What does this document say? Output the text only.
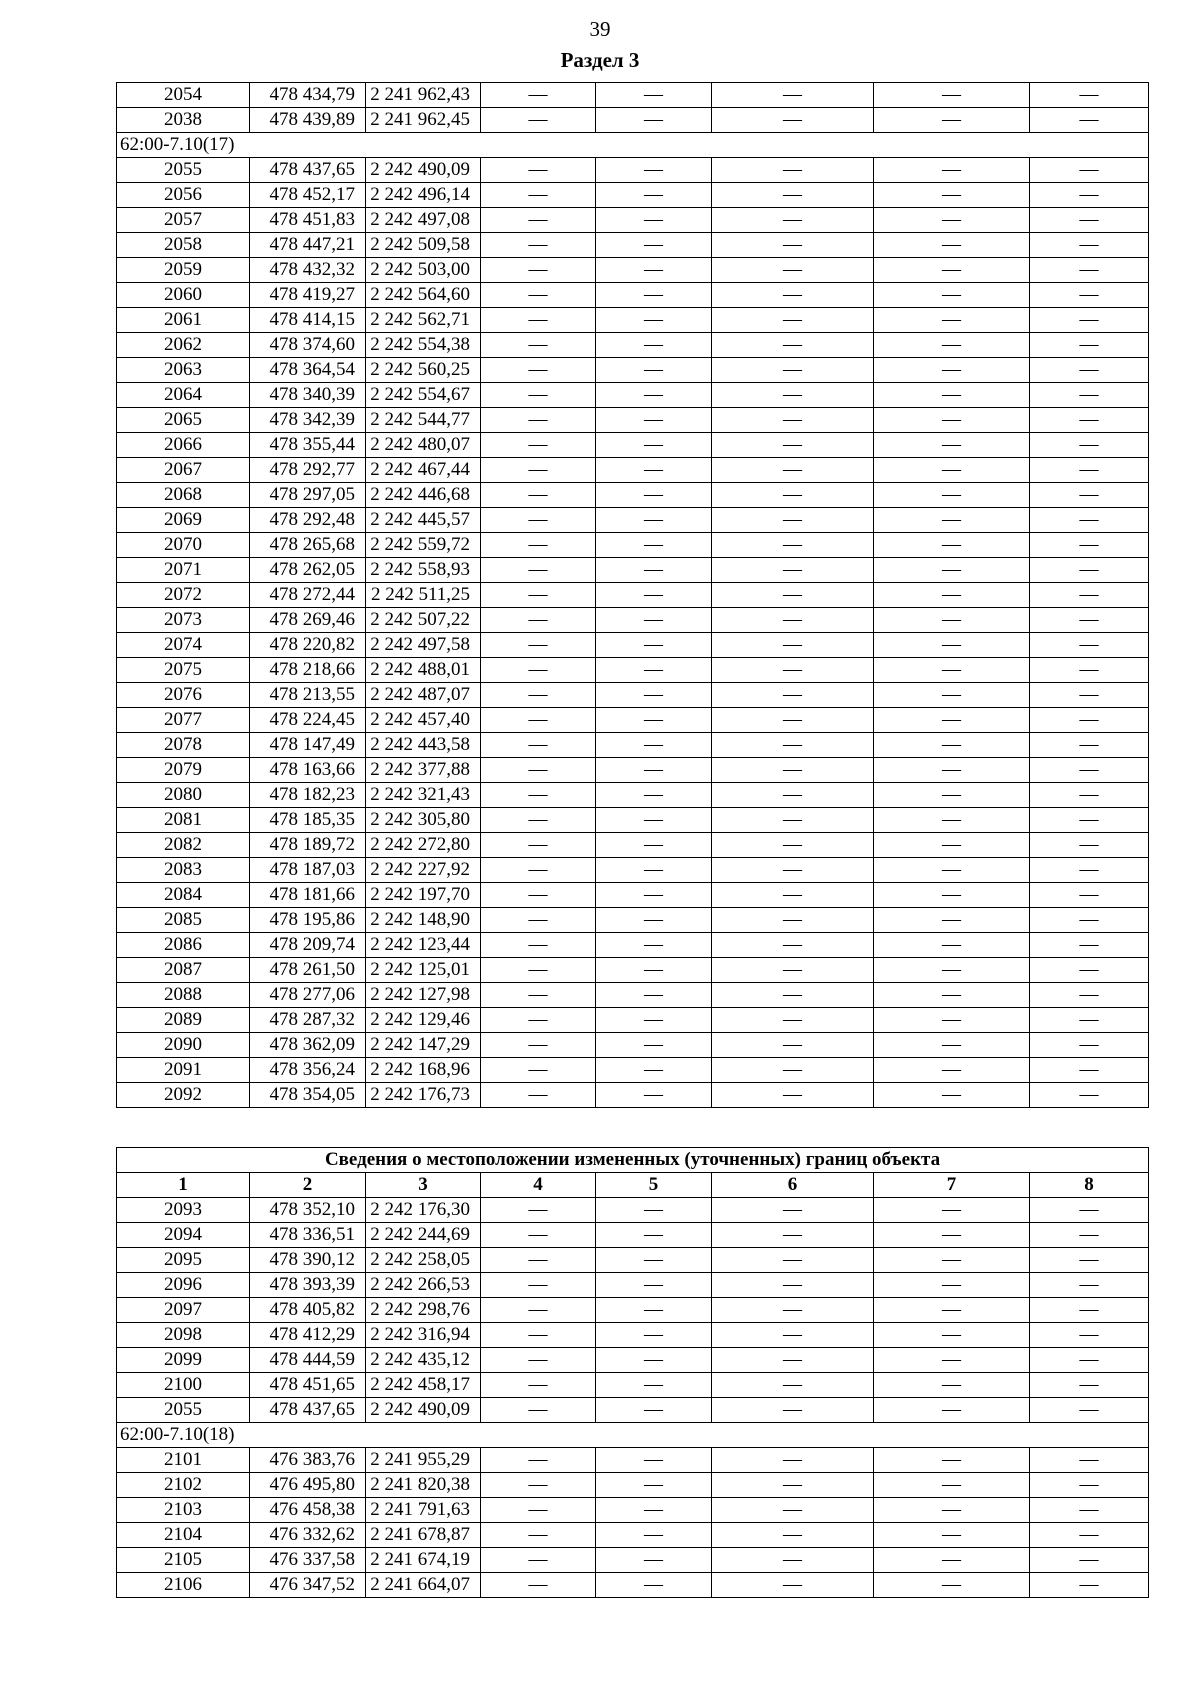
39
Раздел 3
2054	478 434,79	2 241 962,43	—	—	—	—	—
2038	478 439,89	2 241 962,45	—	—	—	—	—
62:00-7.10(17)							
2055	478 437,65	2 242 490,09	—	—	—	—	—
2056	478 452,17	2 242 496,14	—	—	—	—	—
2057	478 451,83	2 242 497,08	—	—	—	—	—
2058	478 447,21	2 242 509,58	—	—	—	—	—
2059	478 432,32	2 242 503,00	—	—	—	—	—
2060	478 419,27	2 242 564,60	—	—	—	—	—
2061	478 414,15	2 242 562,71	—	—	—	—	—
2062	478 374,60	2 242 554,38	—	—	—	—	—
2063	478 364,54	2 242 560,25	—	—	—	—	—
2064	478 340,39	2 242 554,67	—	—	—	—	—
2065	478 342,39	2 242 544,77	—	—	—	—	—
2066	478 355,44	2 242 480,07	—	—	—	—	—
2067	478 292,77	2 242 467,44	—	—	—	—	—
2068	478 297,05	2 242 446,68	—	—	—	—	—
2069	478 292,48	2 242 445,57	—	—	—	—	—
2070	478 265,68	2 242 559,72	—	—	—	—	—
2071	478 262,05	2 242 558,93	—	—	—	—	—
2072	478 272,44	2 242 511,25	—	—	—	—	—
2073	478 269,46	2 242 507,22	—	—	—	—	—
2074	478 220,82	2 242 497,58	—	—	—	—	—
2075	478 218,66	2 242 488,01	—	—	—	—	—
2076	478 213,55	2 242 487,07	—	—	—	—	—
2077	478 224,45	2 242 457,40	—	—	—	—	—
2078	478 147,49	2 242 443,58	—	—	—	—	—
2079	478 163,66	2 242 377,88	—	—	—	—	—
2080	478 182,23	2 242 321,43	—	—	—	—	—
2081	478 185,35	2 242 305,80	—	—	—	—	—
2082	478 189,72	2 242 272,80	—	—	—	—	—
2083	478 187,03	2 242 227,92	—	—	—	—	—
2084	478 181,66	2 242 197,70	—	—	—	—	—
2085	478 195,86	2 242 148,90	—	—	—	—	—
2086	478 209,74	2 242 123,44	—	—	—	—	—
2087	478 261,50	2 242 125,01	—	—	—	—	—
2088	478 277,06	2 242 127,98	—	—	—	—	—
2089	478 287,32	2 242 129,46	—	—	—	—	—
2090	478 362,09	2 242 147,29	—	—	—	—	—
2091	478 356,24	2 242 168,96	—	—	—	—	—
2092	478 354,05	2 242 176,73	—	—	—	—	—
Сведения о местоположении измененных (уточненных) границ объекта							
1	2	3	4	5	6	7	8
2093	478 352,10	2 242 176,30	—	—	—	—	—
2094	478 336,51	2 242 244,69	—	—	—	—	—
2095	478 390,12	2 242 258,05	—	—	—	—	—
2096	478 393,39	2 242 266,53	—	—	—	—	—
2097	478 405,82	2 242 298,76	—	—	—	—	—
2098	478 412,29	2 242 316,94	—	—	—	—	—
2099	478 444,59	2 242 435,12	—	—	—	—	—
2100	478 451,65	2 242 458,17	—	—	—	—	—
2055	478 437,65	2 242 490,09	—	—	—	—	—
62:00-7.10(18)							
2101	476 383,76	2 241 955,29	—	—	—	—	—
2102	476 495,80	2 241 820,38	—	—	—	—	—
2103	476 458,38	2 241 791,63	—	—	—	—	—
2104	476 332,62	2 241 678,87	—	—	—	—	—
2105	476 337,58	2 241 674,19	—	—	—	—	—
2106	476 347,52	2 241 664,07	—	—	—	—	—
